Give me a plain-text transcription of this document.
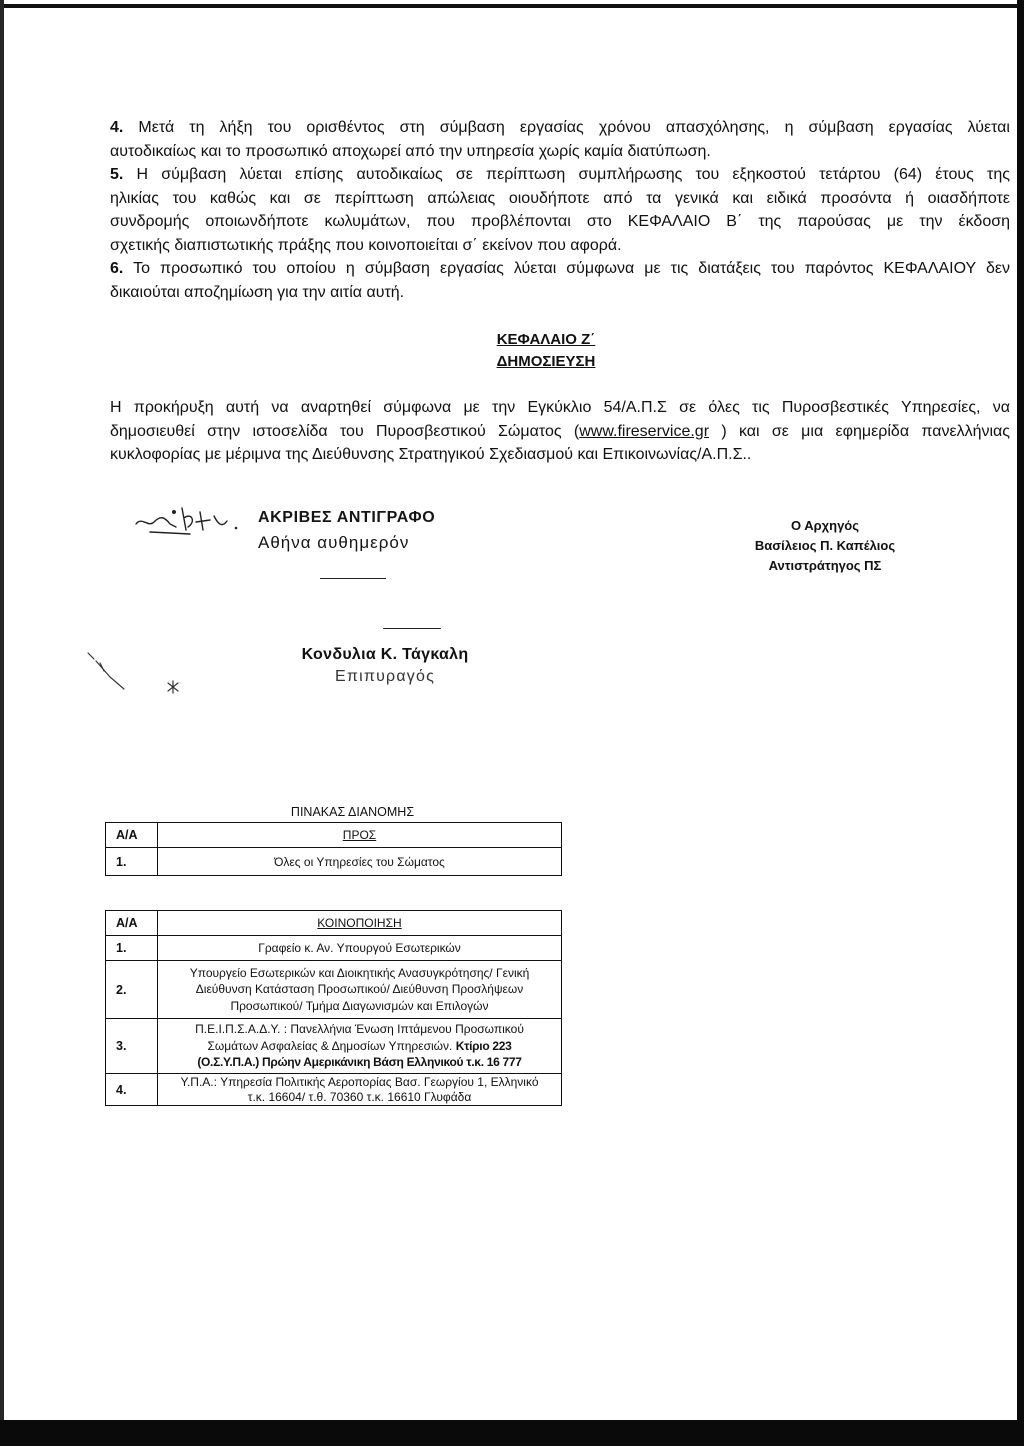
4. Μετά τη λήξη του ορισθέντος στη σύμβαση εργασίας χρόνου απασχόλησης, η σύμβαση εργασίας λύεται
αυτοδικαίως και το προσωπικό αποχωρεί από την υπηρεσία χωρίς καμία διατύπωση.
5. Η σύμβαση λύεται επίσης αυτοδικαίως σε περίπτωση συμπλήρωσης του εξηκοστού τετάρτου (64) έτους της
ηλικίας του καθώς και σε περίπτωση απώλειας οιουδήποτε από τα γενικά και ειδικά προσόντα ή οιασδήποτε
συνδρομής οποιωνδήποτε κωλυμάτων, που προβλέπονται στο ΚΕΦΑΛΑΙΟ Β΄ της παρούσας με την έκδοση
σχετικής διαπιστωτικής πράξης που κοινοποιείται σ΄ εκείνον που αφορά.
6. Το προσωπικό του οποίου η σύμβαση εργασίας λύεται σύμφωνα με τις διατάξεις του παρόντος ΚΕΦΑΛΑΙΟΥ δεν
δικαιούται αποζημίωση για την αιτία αυτή.
ΚΕΦΑΛΑΙΟ Ζ΄
ΔΗΜΟΣΙΕΥΣΗ
Η προκήρυξη αυτή να αναρτηθεί σύμφωνα με την Εγκύκλιο 54/Α.Π.Σ σε όλες τις Πυροσβεστικές Υπηρεσίες, να
δημοσιευθεί στην ιστοσελίδα του Πυροσβεστικού Σώματος (www.fireservice.gr ) και σε μια εφημερίδα πανελλήνιας
κυκλοφορίας με μέριμνα της Διεύθυνσης Στρατηγικού Σχεδιασμού και Επικοινωνίας/Α.Π.Σ..
ΑΚΡΙΒΕΣ ΑΝΤΙΓΡΑΦΟ
Αθήνα αυθημερόν
Ο Αρχηγός
Βασίλειος Π. Καπέλιος
Αντιστράτηγος ΠΣ
Κονδυλια Κ. Τάγκαλη
Επιπυραγός
ΠΙΝΑΚΑΣ ΔΙΑΝΟΜΗΣ
Α/Α	ΠΡΟΣ
1.	Όλες οι Υπηρεσίες του Σώματος
Α/Α	ΚΟΙΝΟΠΟΙΗΣΗ
1.	Γραφείο κ. Αν. Υπουργού Εσωτερικών
2.	Υπουργείο Εσωτερικών και Διοικητικής Ανασυγκρότησης/ Γενική
Διεύθυνση Κατάσταση Προσωπικού/ Διεύθυνση Προσλήψεων
Προσωπικού/ Τμήμα Διαγωνισμών και Επιλογών

3.	Π.Ε.Ι.Π.Σ.Α.Δ.Υ. : Πανελλήνια Ένωση Ιπτάμενου Προσωπικού
Σωμάτων Ασφαλείας & Δημοσίων Υπηρεσιών. Κτίριο 223
(Ο.Σ.Υ.Π.Α.) Πρώην Αμερικάνικη Βάση Ελληνικού τ.κ. 16 777

4.	Υ.Π.Α.: Υπηρεσία Πολιτικής Αεροπορίας Βασ. Γεωργίου 1, Ελληνικό
τ.κ. 16604/ τ.θ. 70360 τ.κ. 16610 Γλυφάδα
